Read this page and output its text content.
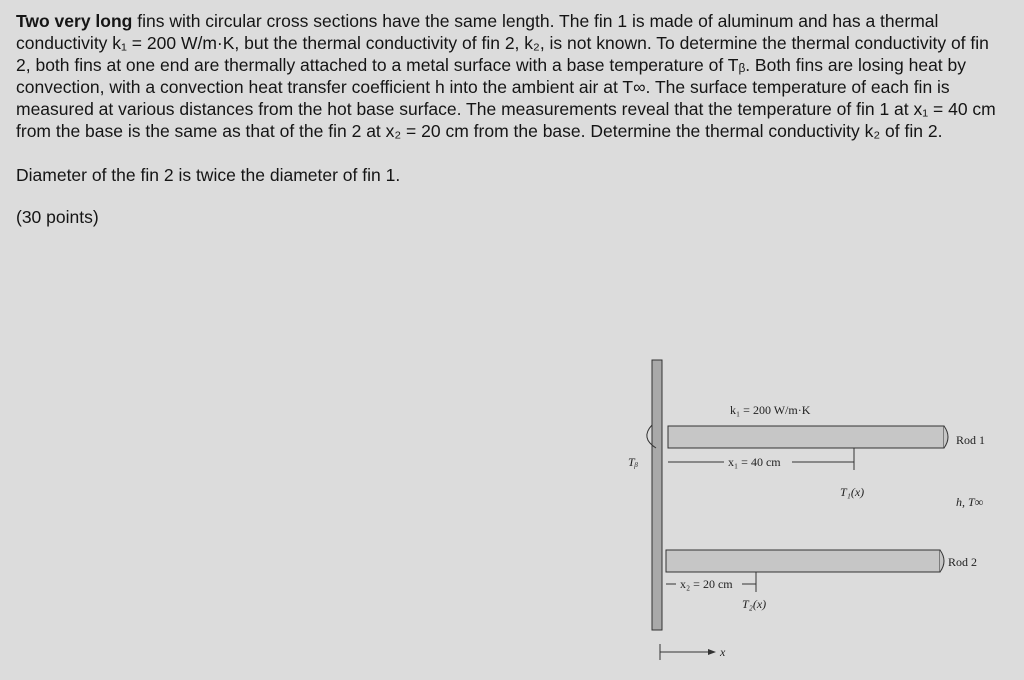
Two very long fins with circular cross sections have the same length. The fin 1 is made of aluminum and has a thermal conductivity k₁ = 200 W/m·K, but the thermal conductivity of fin 2, k₂, is not known. To determine the thermal conductivity of fin 2, both fins at one end are thermally attached to a metal surface with a base temperature of Tᵦ. Both fins are losing heat by convection, with a convection heat transfer coefficient h into the ambient air at T∞. The surface temperature of each fin is measured at various distances from the hot base surface. The measurements reveal that the temperature of fin 1 at x₁ = 40 cm from the base is the same as that of the fin 2 at x₂ = 20 cm from the base. Determine the thermal conductivity k₂ of fin 2.

Diameter of the fin 2 is twice the diameter of fin 1.

(30 points)

k₁ = 200 W/m·K
Rod 1
Rod 2
Tᵦ	x₁ = 40 cm
T₁(x)
h, T∞
x₂ = 20 cm
T₂(x)
x
